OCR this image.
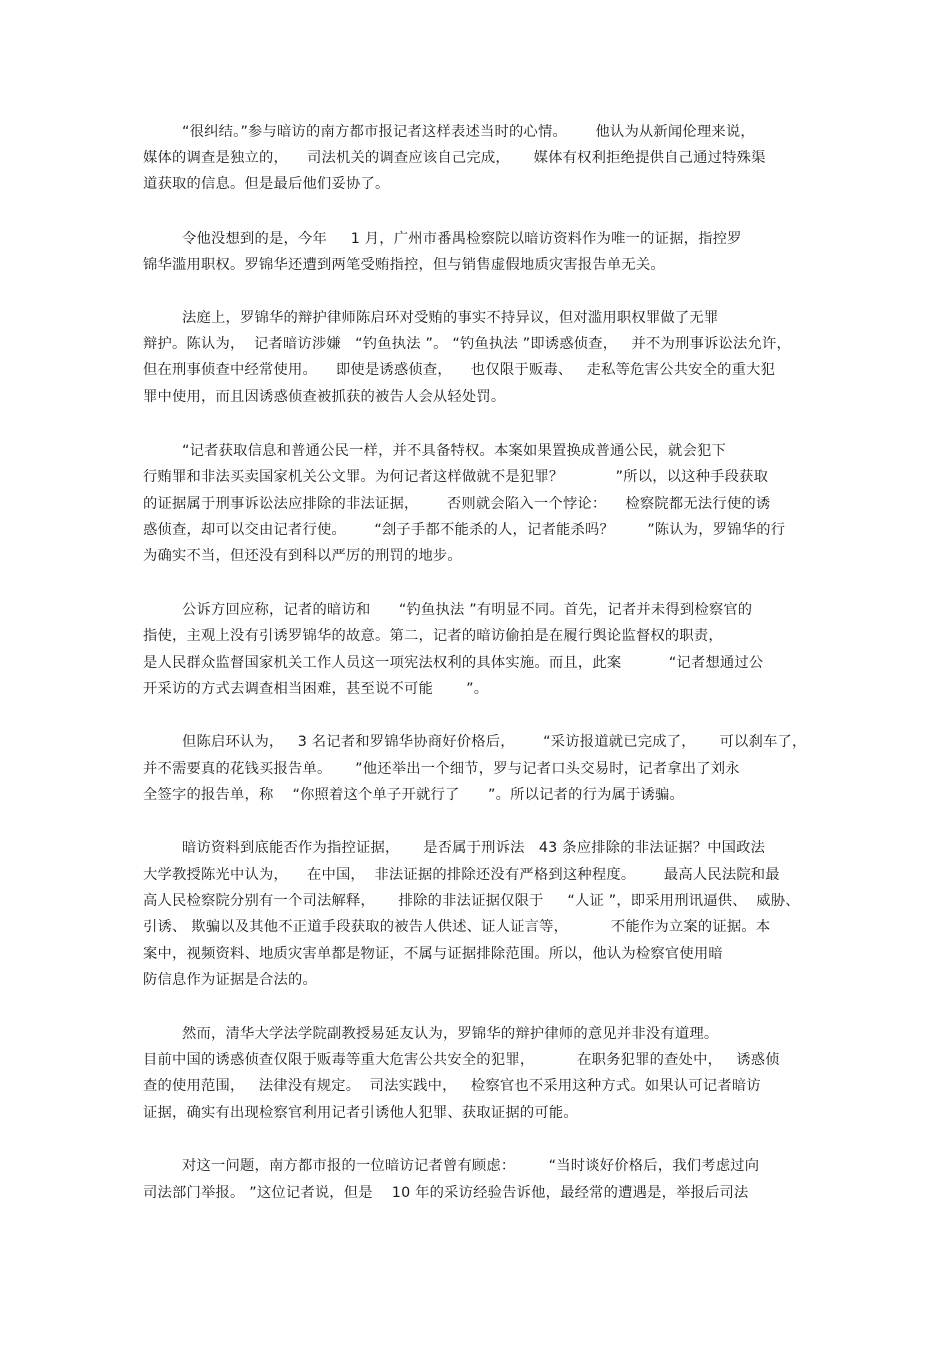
“很纠结。”参与暗访的南方都市报记者这样表述当时的心情。      他认为从新闻伦理来说，
媒体的调查是独立的，    司法机关的调查应该自己完成，     媒体有权利拒绝提供自己通过特殊渠
道获取的信息。但是最后他们妥协了。
令他没想到的是，今年     1 月，广州市番禺检察院以暗访资料作为唯一的证据，指控罗
锦华滥用职权。罗锦华还遭到两笔受贿指控，但与销售虚假地质灾害报告单无关。
法庭上，罗锦华的辩护律师陈启环对受贿的事实不持异议，但对滥用职权罪做了无罪
辩护。陈认为，  记者暗访涉嫌   “钓鱼执法 ”。 “钓鱼执法 ”即诱惑侦查，   并不为刑事诉讼法允许，
但在刑事侦查中经常使用。    即使是诱惑侦查，    也仅限于贩毒、   走私等危害公共安全的重大犯
罪中使用，而且因诱惑侦查被抓获的被告人会从轻处罚。
“记者获取信息和普通公民一样，并不具备特权。本案如果置换成普通公民，就会犯下
行贿罪和非法买卖国家机关公文罪。为何记者这样做就不是犯罪？           ”所以，以这种手段获取
的证据属于刑事诉讼法应排除的非法证据，      否则就会陷入一个悖论：    检察院都无法行使的诱
惑侦查，却可以交由记者行使。      “刽子手都不能杀的人，记者能杀吗？       ”陈认为，罗锦华的行
为确实不当，但还没有到科以严厉的刑罚的地步。
公诉方回应称，记者的暗访和      “钓鱼执法 ”有明显不同。首先，记者并未得到检察官的
指使，主观上没有引诱罗锦华的故意。第二，记者的暗访偷拍是在履行舆论监督权的职责，
是人民群众监督国家机关工作人员这一项宪法权利的具体实施。而且，此案          “记者想通过公
开采访的方式去调查相当困难，甚至说不可能       ”。
但陈启环认为，   3 名记者和罗锦华协商好价格后，      “采访报道就已完成了，     可以刹车了，
并不需要真的花钱买报告单。     ”他还举出一个细节，罗与记者口头交易时，记者拿出了刘永
全签字的报告单，称    “你照着这个单子开就行了      ”。所以记者的行为属于诱骗。
暗访资料到底能否作为指控证据，     是否属于刑诉法   43 条应排除的非法证据？中国政法
大学教授陈光中认为，    在中国，  非法证据的排除还没有严格到这种程度。      最高人民法院和最
高人民检察院分别有一个司法解释，     排除的非法证据仅限于     “人证 ”，即采用刑讯逼供、  威胁、
引诱、 欺骗以及其他不正道手段获取的被告人供述、证人证言等，         不能作为立案的证据。本
案中，视频资料、地质灾害单都是物证，不属与证据排除范围。所以，他认为检察官使用暗
防信息作为证据是合法的。
然而，清华大学法学院副教授易延友认为，罗锦华的辩护律师的意见并非没有道理。
目前中国的诱惑侦查仅限于贩毒等重大危害公共安全的犯罪，         在职务犯罪的查处中，   诱惑侦
查的使用范围，   法律没有规定。  司法实践中，   检察官也不采用这种方式。如果认可记者暗访
证据，确实有出现检察官利用记者引诱他人犯罪、获取证据的可能。
对这一问题，南方都市报的一位暗访记者曾有顾虑：       “当时谈好价格后，我们考虑过向
司法部门举报。 ”这位记者说，但是    10 年的采访经验告诉他，最经常的遭遇是，举报后司法
